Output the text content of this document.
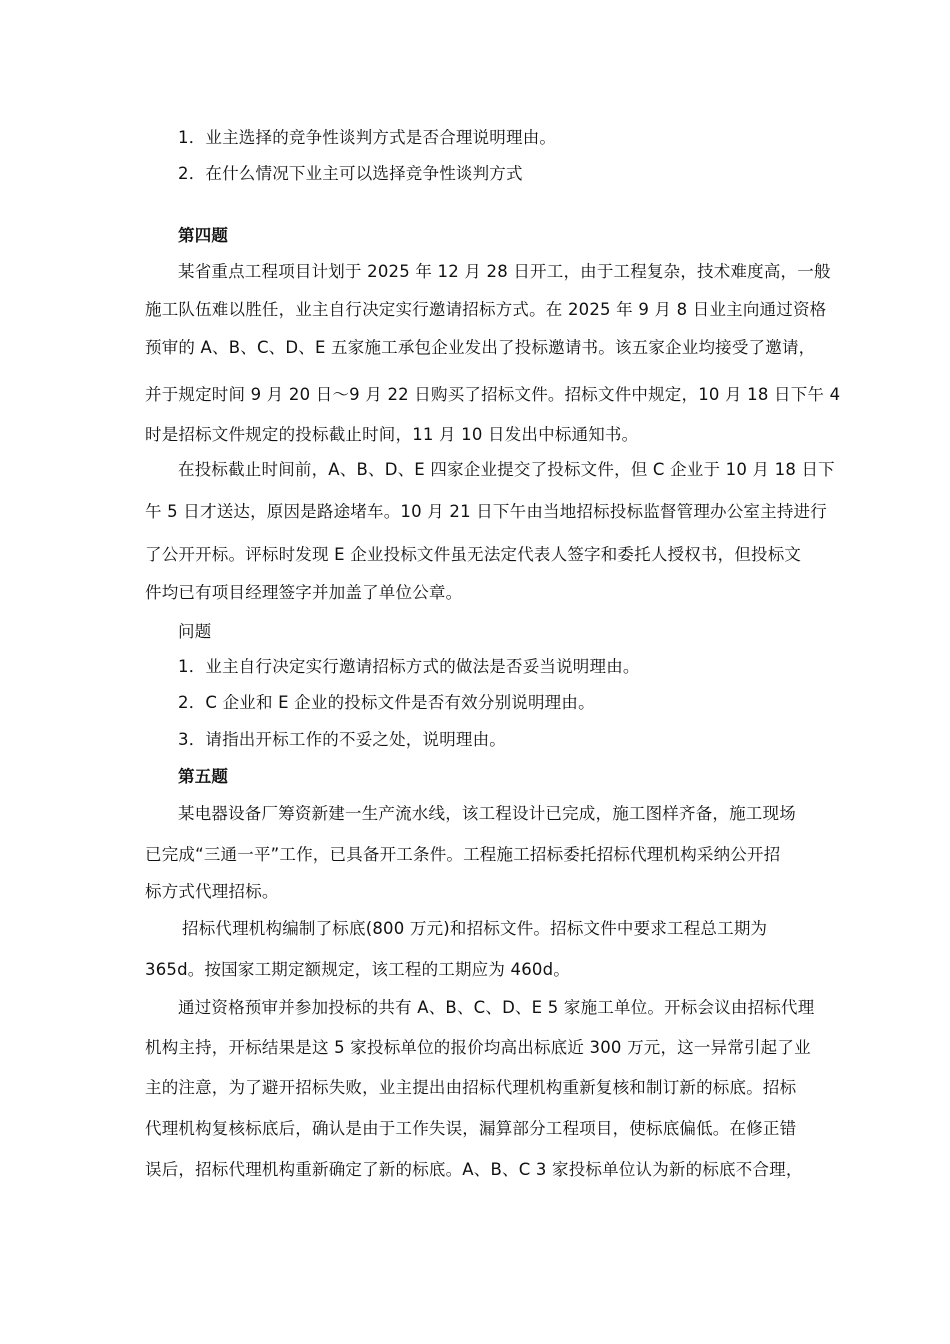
1．业主选择的竞争性谈判方式是否合理说明理由。
2．在什么情况下业主可以选择竞争性谈判方式
第四题
某省重点工程项目计划于 2025 年 12 月 28 日开工，由于工程复杂，技术难度高，一般
施工队伍难以胜任，业主自行决定实行邀请招标方式。在 2025 年 9 月 8 日业主向通过资格
预审的 A、B、C、D、E 五家施工承包企业发出了投标邀请书。该五家企业均接受了邀请，
并于规定时间 9 月 20 日～9 月 22 日购买了招标文件。招标文件中规定，10 月 18 日下午 4
时是招标文件规定的投标截止时间，11 月 10 日发出中标通知书。
在投标截止时间前，A、B、D、E 四家企业提交了投标文件，但 C 企业于 10 月 18 日下
午 5 日才送达，原因是路途堵车。10 月 21 日下午由当地招标投标监督管理办公室主持进行
了公开开标。评标时发现 E 企业投标文件虽无法定代表人签字和委托人授权书，但投标文
件均已有项目经理签字并加盖了单位公章。
问题
1．业主自行决定实行邀请招标方式的做法是否妥当说明理由。
2．C 企业和 E 企业的投标文件是否有效分别说明理由。
3．请指出开标工作的不妥之处，说明理由。
第五题
某电器设备厂筹资新建一生产流水线，该工程设计已完成，施工图样齐备，施工现场
已完成“三通一平”工作，已具备开工条件。工程施工招标委托招标代理机构采纳公开招
标方式代理招标。
招标代理机构编制了标底(800 万元)和招标文件。招标文件中要求工程总工期为
365d。按国家工期定额规定，该工程的工期应为 460d。
通过资格预审并参加投标的共有 A、B、C、D、E 5 家施工单位。开标会议由招标代理
机构主持，开标结果是这 5 家投标单位的报价均高出标底近 300 万元，这一异常引起了业
主的注意，为了避开招标失败，业主提出由招标代理机构重新复核和制订新的标底。招标
代理机构复核标底后，确认是由于工作失误，漏算部分工程项目，使标底偏低。在修正错
误后，招标代理机构重新确定了新的标底。A、B、C 3 家投标单位认为新的标底不合理，
